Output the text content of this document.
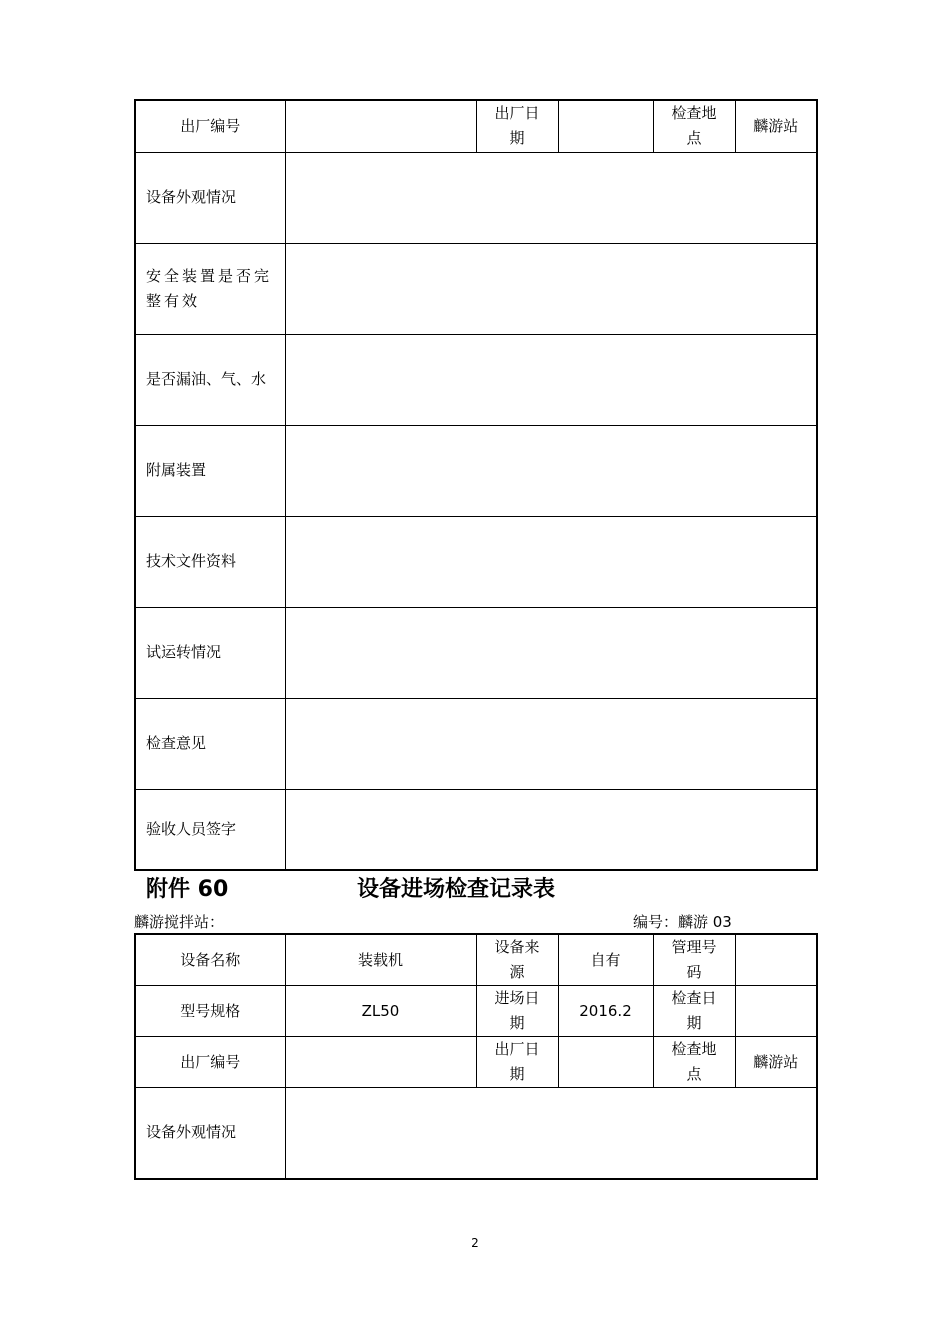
出厂编号		出厂日期		检查地点	麟游站
设备外观情况					
安全装置是否完整有效					
是否漏油、气、水					
附属装置					
技术文件资料					
试运转情况					
检查意见					
验收人员签字					
附件 60	设备进场检查记录表
麟游搅拌站：	编号：麟游 03
设备名称	装载机	设备来源	自有	管理号码	
型号规格	ZL50	进场日期	2016.2	检查日期	
出厂编号		出厂日期		检查地点	麟游站
设备外观情况					
2
